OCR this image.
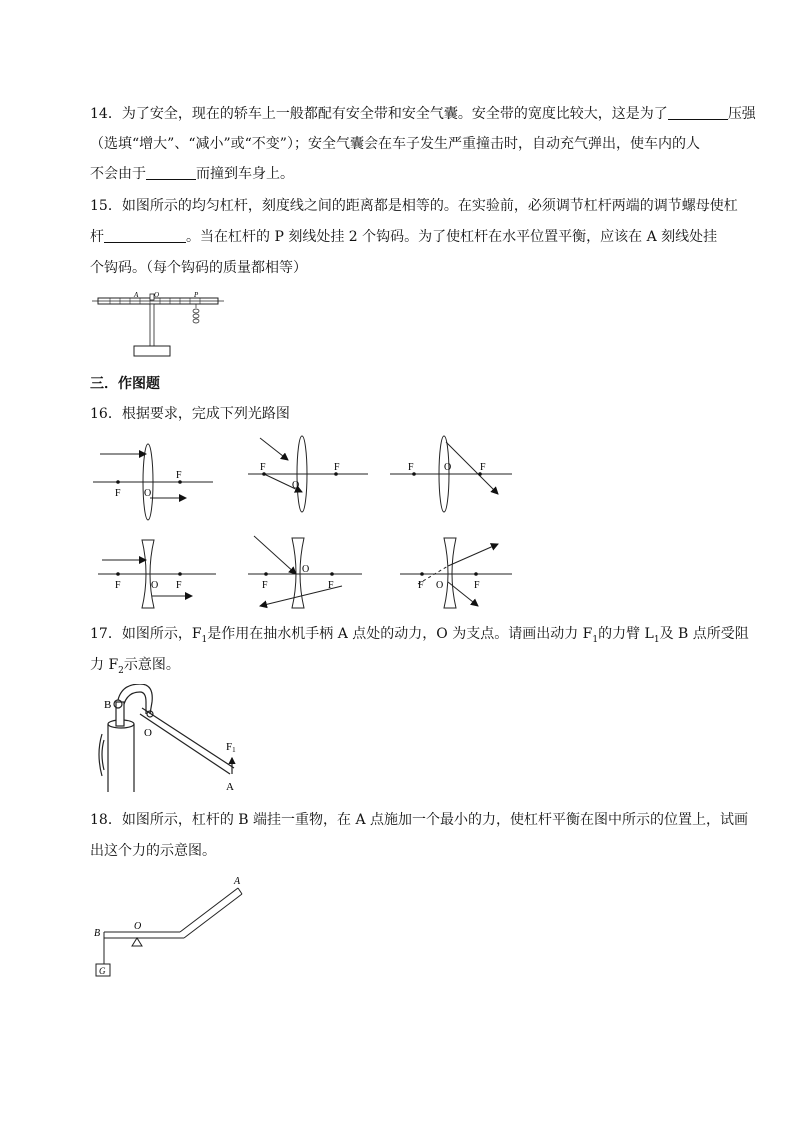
14．为了安全，现在的轿车上一般都配有安全带和安全气囊。安全带的宽度比较大，这是为了	压强
（选填“增大”、“减小”或“不变”）；安全气囊会在车子发生严重撞击时，自动充气弹出，使车内的人
不会由于	而撞到车身上。
15．如图所示的均匀杠杆，刻度线之间的距离都是相等的。在实验前，必须调节杠杆两端的调节螺母使杠
杆	。当在杠杆的 P 刻线处挂 2 个钩码。为了使杠杆在水平位置平衡，应该在 A 刻线处挂
个钩码。（每个钩码的质量都相等）
A O	P
三．作图题
16．根据要求，完成下列光路图
F O
F
F
O
F	F	O	F
F	O F	F
O
F	F O	F
17．如图所示，$F_1$是作用在抽水机手柄 A 点处的动力，O 为支点。请画出动力 $F_1$的力臂 $L_1$及 B 点所受阻
力 $F_2$示意图。
B
O
F1
A
18．如图所示，杠杆的 B 端挂一重物，在 A 点施加一个最小的力，使杠杆平衡在图中所示的位置上，试画
出这个力的示意图。
A
B
O
G
